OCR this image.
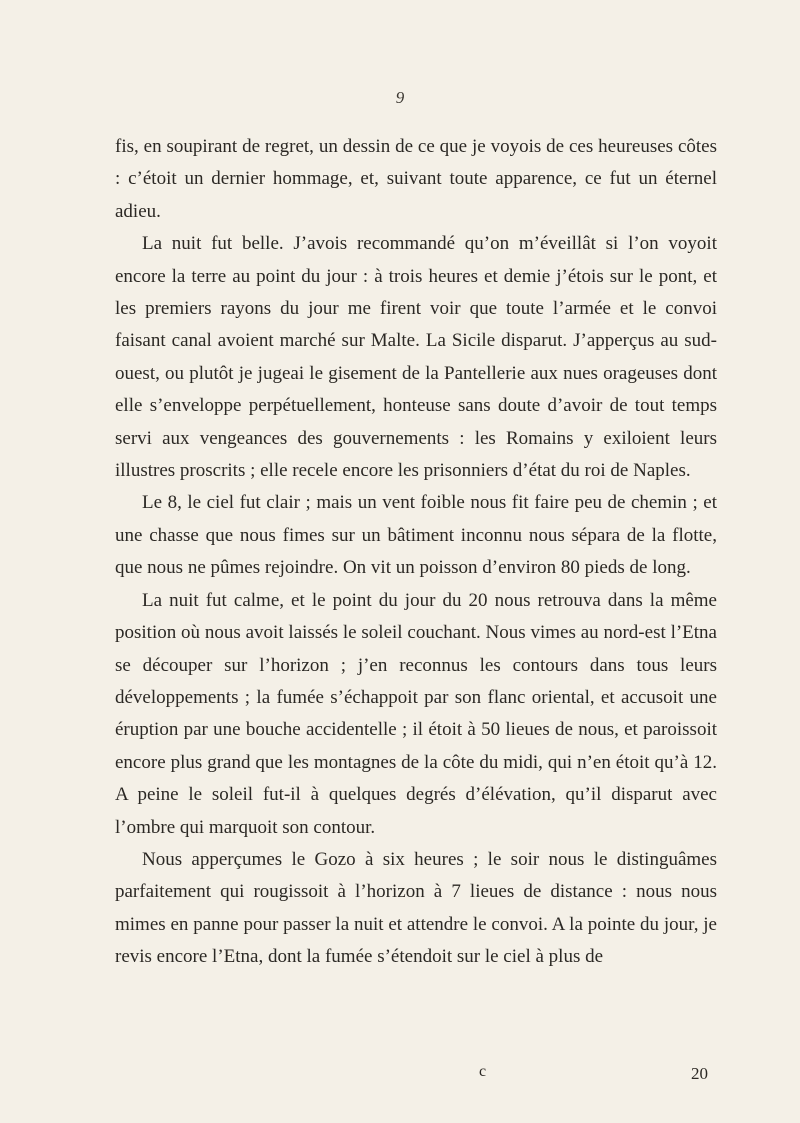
9

fis, en soupirant de regret, un dessin de ce que je voyois de ces heureuses côtes : c’étoit un dernier hommage, et, suivant toute apparence, ce fut un éternel adieu.

La nuit fut belle. J’avois recommandé qu’on m’éveillât si l’on voyoit encore la terre au point du jour : à trois heures et demie j’étois sur le pont, et les premiers rayons du jour me firent voir que toute l’armée et le convoi faisant canal avoient marché sur Malte. La Sicile disparut. J’apperçus au sud-ouest, ou plutôt je jugeai le gisement de la Pantellerie aux nues orageuses dont elle s’enveloppe perpétuellement, honteuse sans doute d’avoir de tout temps servi aux vengeances des gouvernements : les Romains y exiloient leurs illustres proscrits ; elle recele encore les prisonniers d’état du roi de Naples.

Le 8, le ciel fut clair ; mais un vent foible nous fit faire peu de chemin ; et une chasse que nous fimes sur un bâtiment inconnu nous sépara de la flotte, que nous ne pûmes rejoindre. On vit un poisson d’environ 80 pieds de long.

La nuit fut calme, et le point du jour du 20 nous retrouva dans la même position où nous avoit laissés le soleil couchant. Nous vimes au nord-est l’Etna se découper sur l’horizon ; j’en reconnus les contours dans tous leurs développements ; la fumée s’échappoit par son flanc oriental, et accusoit une éruption par une bouche accidentelle ; il étoit à 50 lieues de nous, et paroissoit encore plus grand que les montagnes de la côte du midi, qui n’en étoit qu’à 12. A peine le soleil fut-il à quelques degrés d’élévation, qu’il disparut avec l’ombre qui marquoit son contour.

Nous apperçumes le Gozo à six heures ; le soir nous le distinguâmes parfaitement qui rougissoit à l’horizon à 7 lieues de distance : nous nous mimes en panne pour passer la nuit et attendre le convoi. A la pointe du jour, je revis encore l’Etna, dont la fumée s’étendoit sur le ciel à plus de

c	20
